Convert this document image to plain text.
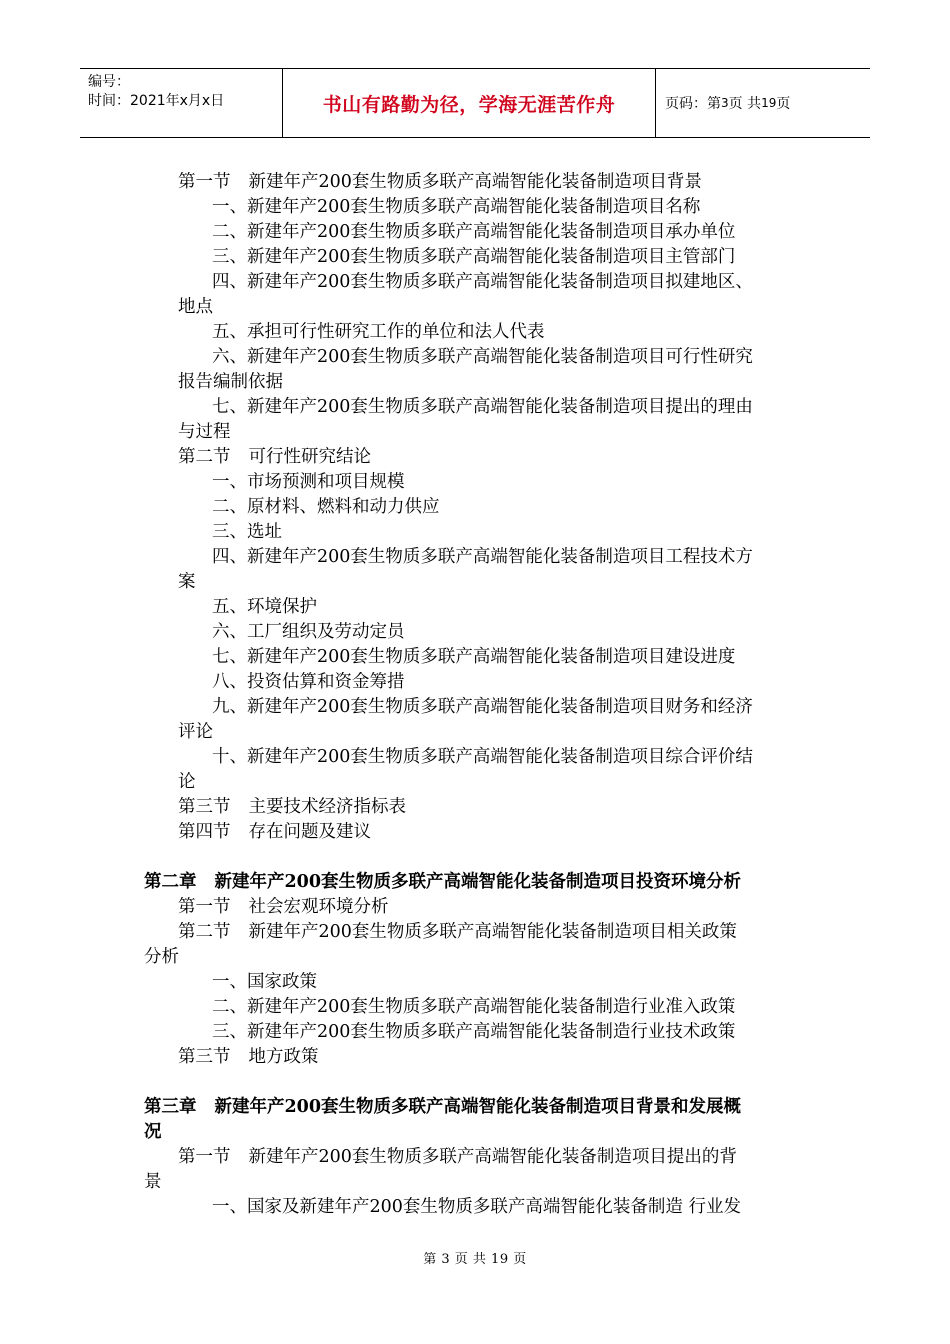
编号：
时间：2021年x月x日	书山有路勤为径，学海无涯苦作舟	页码：第 3 页 共 19 页
第一节 新建年产200套生物质多联产高端智能化装备制造项目背景
一、新建年产200套生物质多联产高端智能化装备制造项目名称
二、新建年产200套生物质多联产高端智能化装备制造项目承办单位
三、新建年产200套生物质多联产高端智能化装备制造项目主管部门
四、新建年产200套生物质多联产高端智能化装备制造项目拟建地区、
地点
五、承担可行性研究工作的单位和法人代表
六、新建年产200套生物质多联产高端智能化装备制造项目可行性研究
报告编制依据
七、新建年产200套生物质多联产高端智能化装备制造项目提出的理由
与过程
第二节 可行性研究结论
一、市场预测和项目规模
二、原材料、燃料和动力供应
三、选址
四、新建年产200套生物质多联产高端智能化装备制造项目工程技术方
案
五、环境保护
六、工厂组织及劳动定员
七、新建年产200套生物质多联产高端智能化装备制造项目建设进度
八、投资估算和资金筹措
九、新建年产200套生物质多联产高端智能化装备制造项目财务和经济
评论
十、新建年产200套生物质多联产高端智能化装备制造项目综合评价结
论
第三节 主要技术经济指标表
第四节 存在问题及建议
第二章 新建年产200套生物质多联产高端智能化装备制造项目投资环境分析
第一节 社会宏观环境分析
第二节 新建年产200套生物质多联产高端智能化装备制造项目相关政策
分析
一、国家政策
二、新建年产200套生物质多联产高端智能化装备制造行业准入政策
三、新建年产200套生物质多联产高端智能化装备制造行业技术政策
第三节 地方政策
第三章 新建年产200套生物质多联产高端智能化装备制造项目背景和发展概
况
第一节 新建年产200套生物质多联产高端智能化装备制造项目提出的背
景
一、国家及新建年产200套生物质多联产高端智能化装备制造 行业发
第 3 页 共 19 页
